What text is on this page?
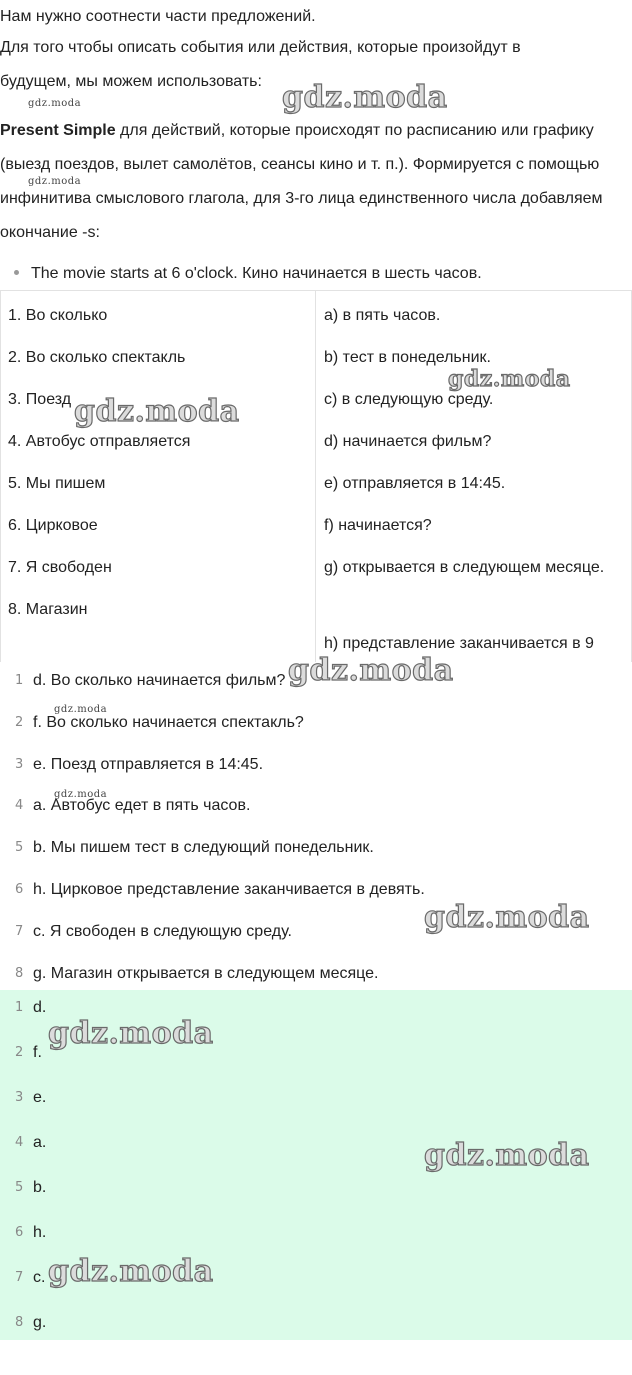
Нам нужно соотнести части предложений.
Для того чтобы описать события или действия, которые произойдут в будущем, мы можем использовать:
Present Simple для действий, которые происходят по расписанию или графику (выезд поездов, вылет самолётов, сеансы кино и т. п.). Формируется с помощью инфинитива смыслового глагола, для 3-го лица единственного числа добавляем окончание -s:
The movie starts at 6 o'clock. Кино начинается в шесть часов.
1. Во сколько
2. Во сколько спектакль
3. Поезд
4. Автобус отправляется
5. Мы пишем
6. Цирковое
7. Я свободен
8. Магазин
a) в пять часов.
b) тест в понедельник.
c) в следующую среду.
d) начинается фильм?
e) отправляется в 14:45.
f) начинается?
g) открывается в следующем месяце.
h) представление заканчивается в 9
1 d. Во сколько начинается фильм?
2 f. Во сколько начинается спектакль?
3 e. Поезд отправляется в 14:45.
4 a. Автобус едет в пять часов.
5 b. Мы пишем тест в следующий понедельник.
6 h. Цирковое представление заканчивается в девять.
7 c. Я свободен в следующую среду.
8 g. Магазин открывается в следующем месяце.
1 d.
2 f.
3 e.
4 a.
5 b.
6 h.
7 c.
8 g.
gdz.moda
gdz.moda
gdz.moda
gdz.moda
gdz.moda
gdz.moda
gdz.moda
gdz.moda
gdz.moda
gdz.moda
gdz.moda
gdz.moda
